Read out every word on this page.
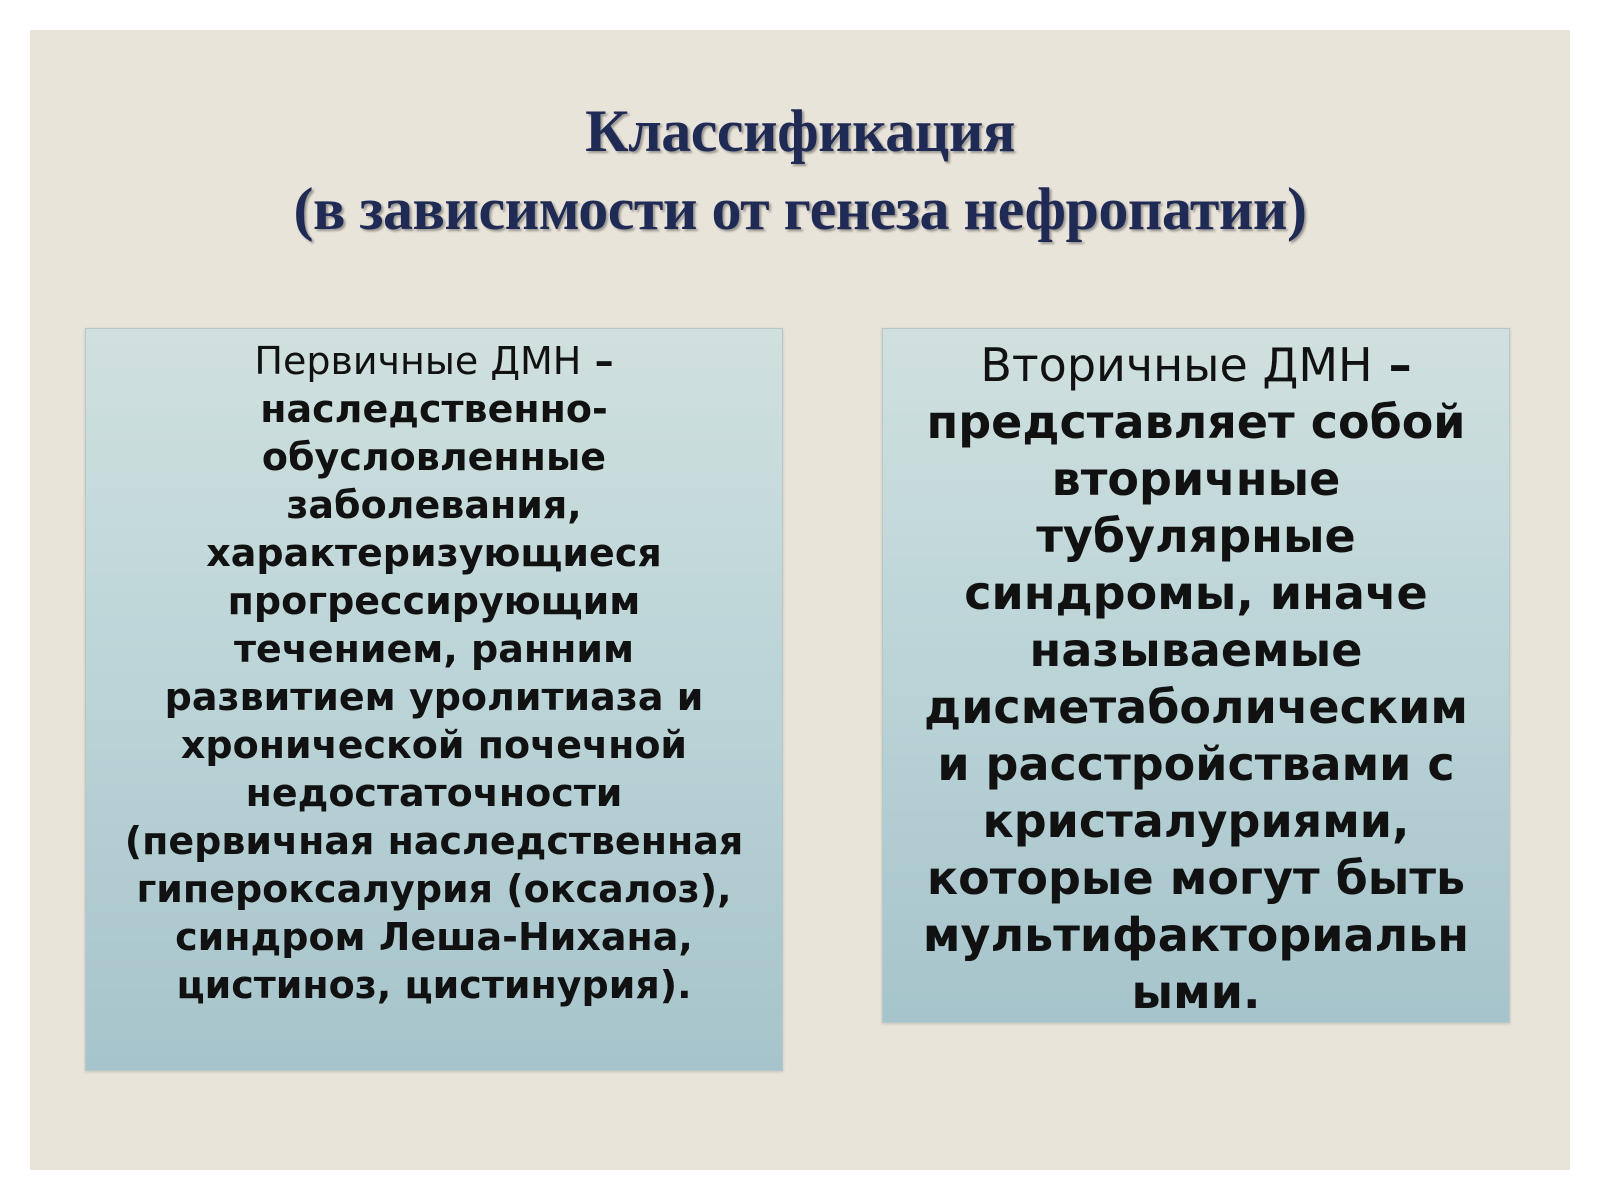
Классификация
(в зависимости от генеза нефропатии)
Первичные ДМН –
наследственно-
обусловленные
заболевания,
характеризующиеся
прогрессирующим
течением, ранним
развитием уролитиаза и
хронической почечной
недостаточности
(первичная наследственная
гипероксалурия (оксалоз),
синдром Леша-Нихана,
цистиноз, цистинурия).
Вторичные ДМН –
представляет собой
вторичные
тубулярные
синдромы, иначе
называемые
дисметаболическим
и расстройствами с
кристалуриями,
которые могут быть
мультифакториальн
ыми.
